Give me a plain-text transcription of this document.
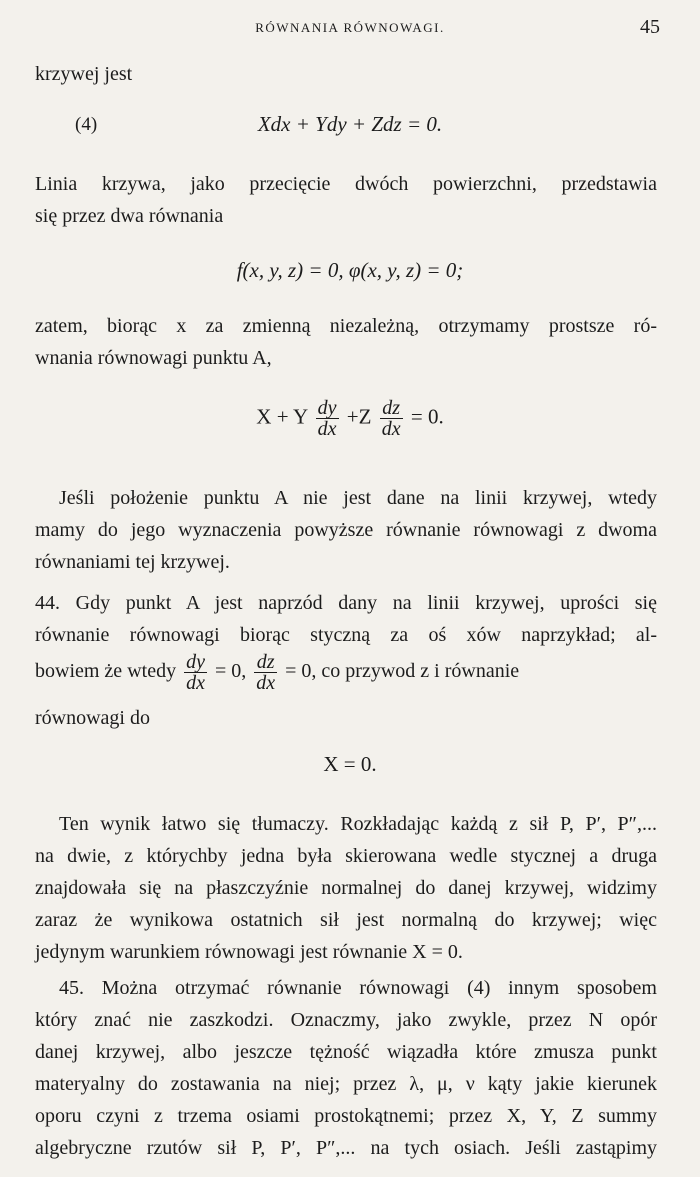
RÓWNANIA RÓWNOWAGI.	45
krzywej jest
(4)	Xdx + Ydy + Zdz = 0.
Linia krzywa, jako przecięcie dwóch powierzchni, przedstawia
się przez dwa równania
f(x, y, z) = 0, φ(x, y, z) = 0;
zatem, biorąc x za zmienną niezależną, otrzymamy prostsze ró-
wnania równowagi punktu A,
X + Y $\frac{dy}{dx} +Z \frac{dz}{dx} = 0$.
Jeśli położenie punktu A nie jest dane na linii krzywej, wtedy
mamy do jego wyznaczenia powyższe równanie równowagi z dwoma
równaniami tej krzywej.
44. Gdy punkt A jest naprzód dany na linii krzywej, uprości się
równanie równowagi biorąc styczną za oś xów naprzykład; al-
bowiem że wtedy $\frac{dy}{dx} = 0$, $\frac{dz}{dx} = 0$, co przywod z i równanie
równowagi do
X = 0.
Ten wynik łatwo się tłumaczy. Rozkładając każdą z sił P, P′, P″,...
na dwie, z którychby jedna była skierowana wedle stycznej a druga
znajdowała się na płaszczyźnie normalnej do danej krzywej, widzimy
zaraz że wynikowa ostatnich sił jest normalną do krzywej; więc
jedynym warunkiem równowagi jest równanie X = 0.
45. Można otrzymać równanie równowagi (4) innym sposobem
który znać nie zaszkodzi. Oznaczmy, jako zwykle, przez N opór
danej krzywej, albo jeszcze tężność wiązadła które zmusza punkt
materyalny do zostawania na niej; przez λ, μ, ν kąty jakie kierunek
oporu czyni z trzema osiami prostokątnemi; przez X, Y, Z summy
algebryczne rzutów sił P, P′, P″,... na tych osiach. Jeśli zastąpimy
